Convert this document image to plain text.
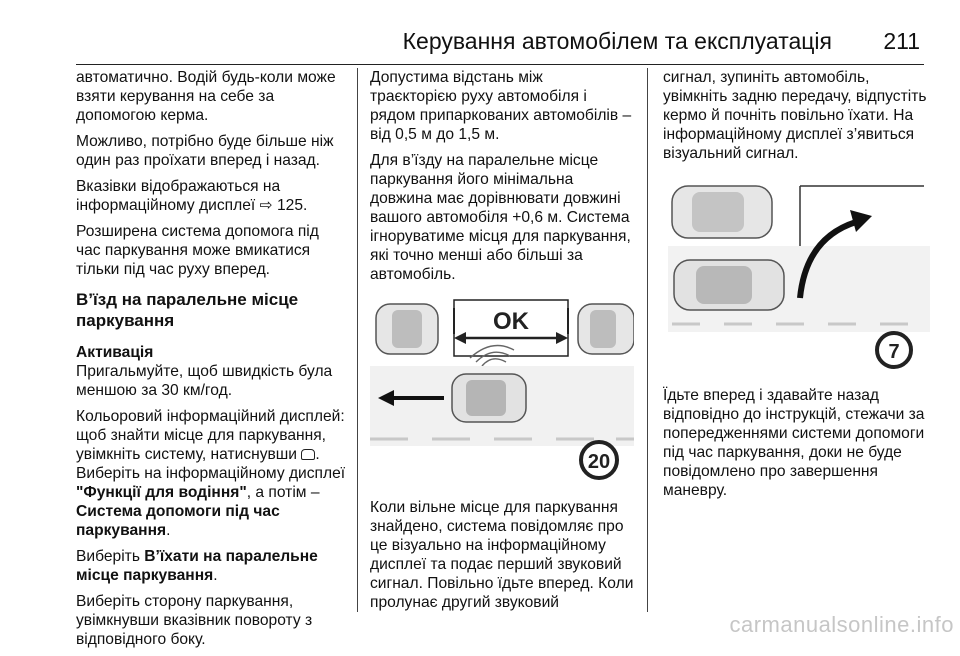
Керування автомобілем та експлуатація 211

автоматично. Водій будь-коли може взяти керування на себе за допомогою керма.

Можливо, потрібно буде більше ніж один раз проїхати вперед і назад.

Вказівки відображаються на інформаційному дисплеї ⇨ 125.

Розширена система допомога під час паркування може вмикатися тільки під час руху вперед.

В’їзд на паралельне місце паркування

Активація

Пригальмуйте, щоб швидкість була меншою за 30 км/год.

Кольоровий інформаційний дисплей: щоб знайти місце для паркування, увімкніть систему, натиснувши . Виберіть на інформаційному дисплеї "Функції для водіння", а потім – Система допомоги під час паркування.

Виберіть В’їхати на паралельне місце паркування.

Виберіть сторону паркування, увімкнувши вказівник повороту з відповідного боку.

Допустима відстань між траєкторією руху автомобіля і рядом припаркованих автомобілів – від 0,5 м до 1,5 м.

Для в’їзду на паралельне місце паркування його мінімальна довжина має дорівнювати довжині вашого автомобіля +0,6 м. Система ігноруватиме місця для паркування, які точно менші або більші за автомобіль.

OK
20

Коли вільне місце для паркування знайдено, система повідомляє про це візуально на інформаційному дисплеї та подає перший звуковий сигнал. Повільно їдьте вперед. Коли пролунає другий звуковий

сигнал, зупиніть автомобіль, увімкніть задню передачу, відпустіть кермо й почніть повільно їхати. На інформаційному дисплеї з’явиться візуальний сигнал.

7

Їдьте вперед і здавайте назад відповідно до інструкцій, стежачи за попередженнями системи допомоги під час паркування, доки не буде повідомлено про завершення маневру.

carmanualsonline.info
